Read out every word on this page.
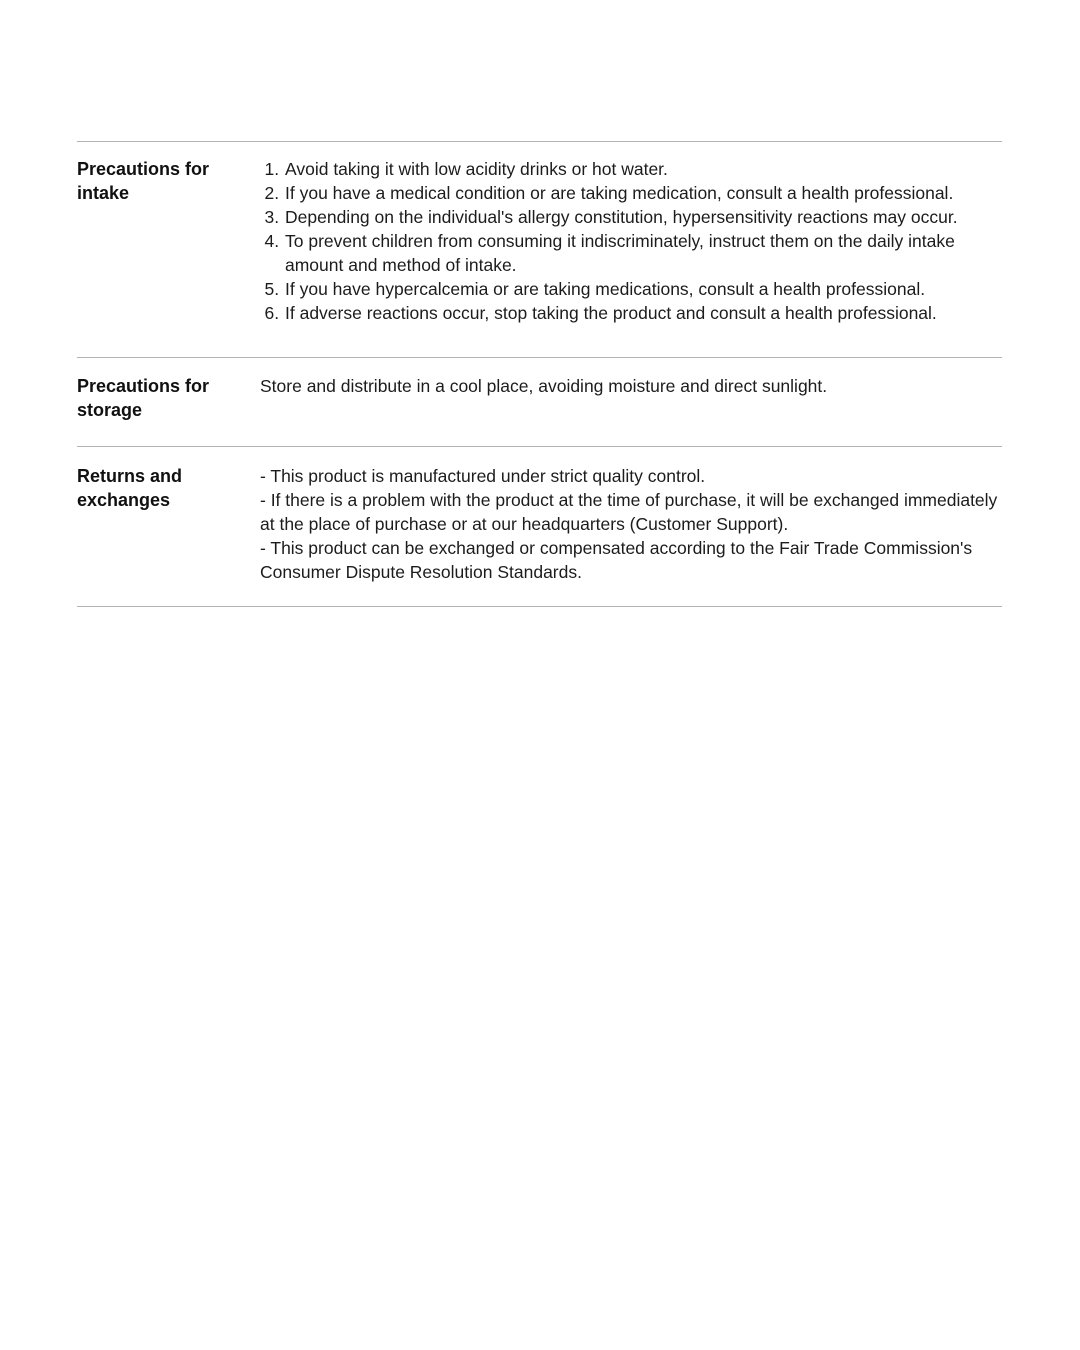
Precautions for intake
1. Avoid taking it with low acidity drinks or hot water.
2. If you have a medical condition or are taking medication, consult a health professional.
3. Depending on the individual's allergy constitution, hypersensitivity reactions may occur.
4. To prevent children from consuming it indiscriminately, instruct them on the daily intake amount and method of intake.
5. If you have hypercalcemia or are taking medications, consult a health professional.
6. If adverse reactions occur, stop taking the product and consult a health professional.
Precautions for storage

Store and distribute in a cool place, avoiding moisture and direct sunlight.

Returns and exchanges

- This product is manufactured under strict quality control.

- If there is a problem with the product at the time of purchase, it will be exchanged immediately at the place of purchase or at our headquarters (Customer Support).

- This product can be exchanged or compensated according to the Fair Trade Commission's Consumer Dispute Resolution Standards.
